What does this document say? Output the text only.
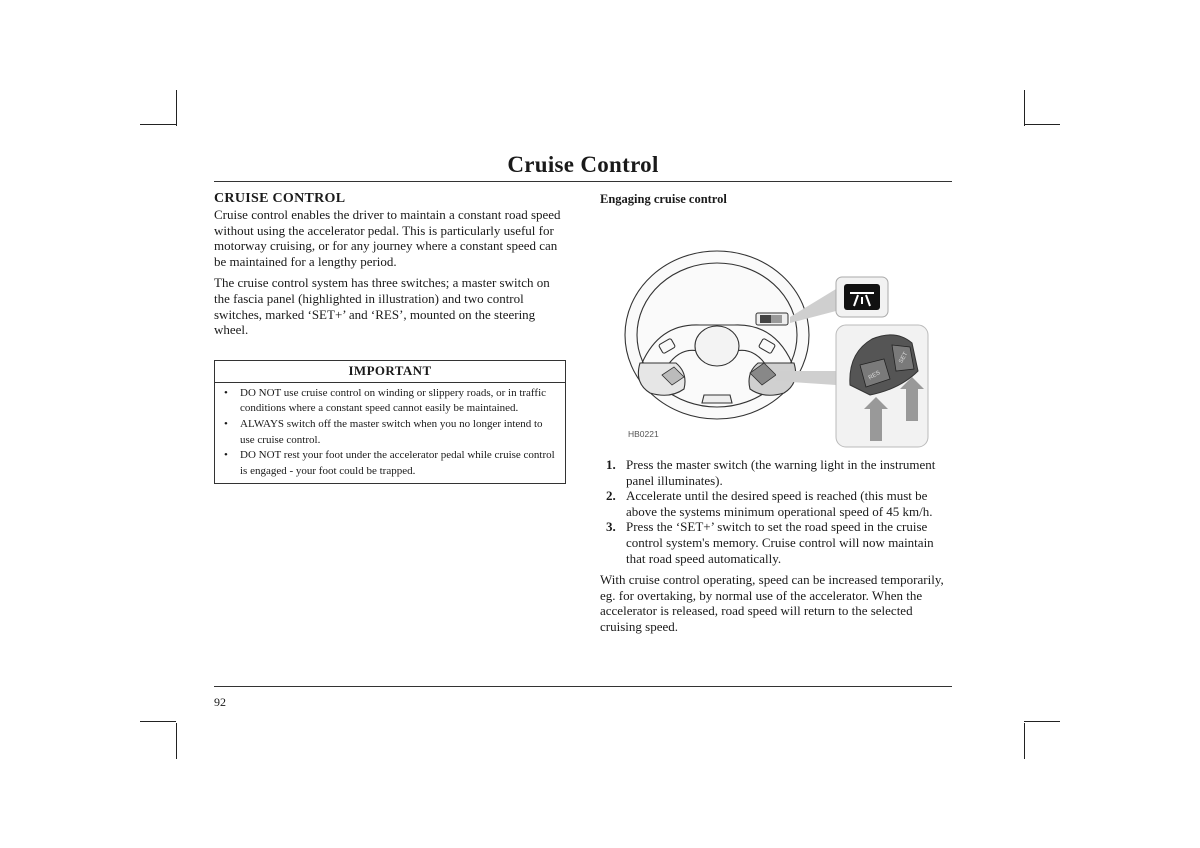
Cruise Control
CRUISE CONTROL

Cruise control enables the driver to maintain a constant road speed without using the accelerator pedal. This is particularly useful for motorway cruising, or for any journey where a constant speed can be maintained for a lengthy period.

The cruise control system has three switches; a master switch on the fascia panel (highlighted in illustration) and two control switches, marked ‘SET+’ and ‘RES’, mounted on the steering wheel.

IMPORTANT
• DO NOT use cruise control on winding or slippery roads, or in traffic conditions where a constant speed cannot easily be maintained.
• ALWAYS switch off the master switch when you no longer intend to use cruise control.
• DO NOT rest your foot under the accelerator pedal while cruise control is engaged - your foot could be trapped.
Engaging cruise control
SET
RES
HB0221
1. Press the master switch (the warning light in the instrument panel illuminates).
2. Accelerate until the desired speed is reached (this must be above the systems minimum operational speed of 45 km/h.
3. Press the ‘SET+’ switch to set the road speed in the cruise control system's memory. Cruise control will now maintain that road speed automatically.

With cruise control operating, speed can be increased temporarily, eg. for overtaking, by normal use of the accelerator. When the accelerator is released, road speed will return to the selected cruising speed.

92
